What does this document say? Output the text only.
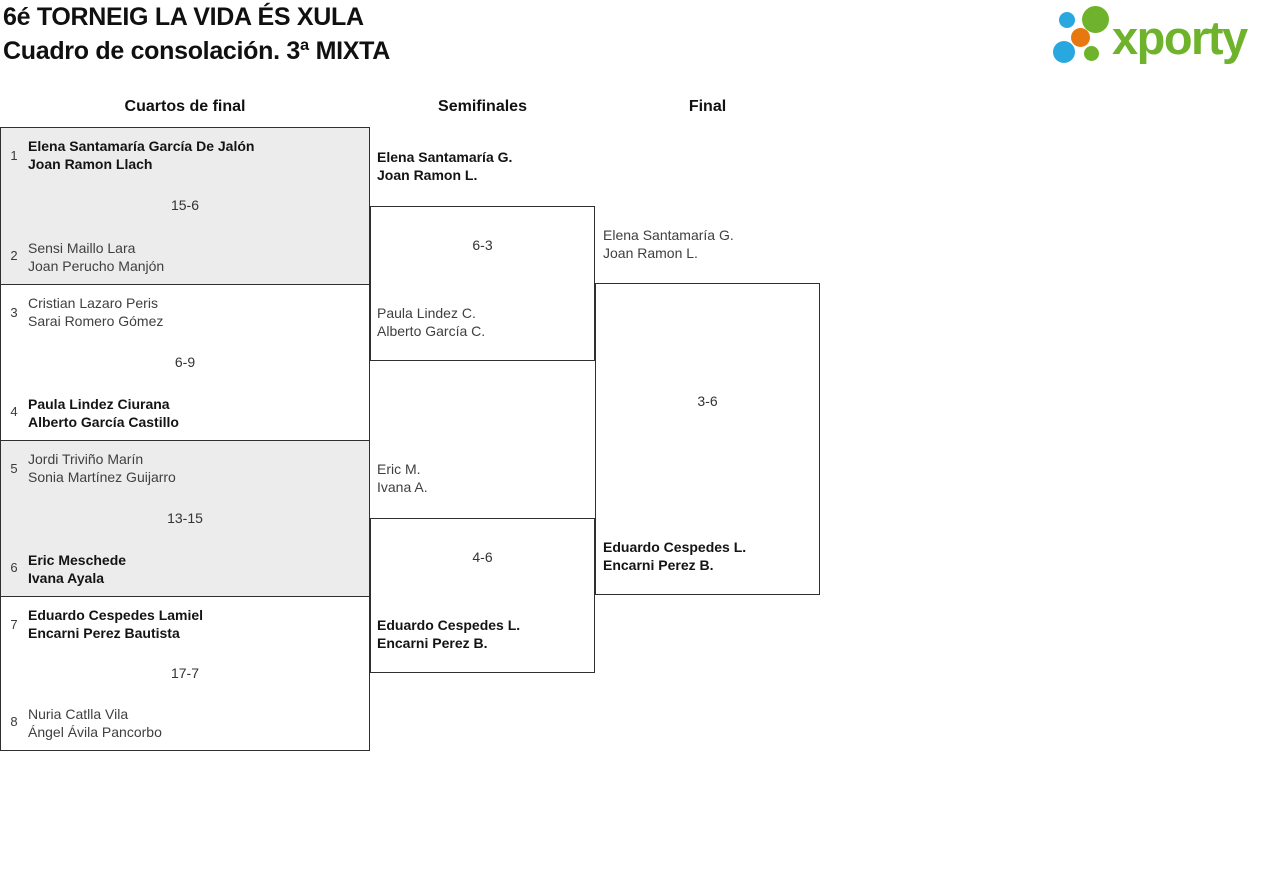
6é TORNEIG LA VIDA ÉS XULA
Cuadro de consolación. 3ª MIXTA	xporty
Cuartos de final	Semifinales	Final
1
Elena Santamaría García De Jalón
Joan Ramon Llach
15-6
Sensi Maillo Lara
Joan Perucho Manjón
2
3
Cristian Lazaro Peris
Sarai Romero Gómez
6-9
Paula Lindez Ciurana
Alberto García Castillo
4
5
Jordi Triviño Marín
Sonia Martínez Guijarro
13-15
Eric Meschede
Ivana Ayala
6
7
Eduardo Cespedes Lamiel
Encarni Perez Bautista
17-7
Nuria Catlla Vila
Ángel Ávila Pancorbo
8
Elena Santamaría G.
Joan Ramon L.
6-3
Paula Lindez C.
Alberto García C.
Eric M.
Ivana A.
4-6
Eduardo Cespedes L.
Encarni Perez B.
Elena Santamaría G.
Joan Ramon L.
3-6
Eduardo Cespedes L.
Encarni Perez B.
